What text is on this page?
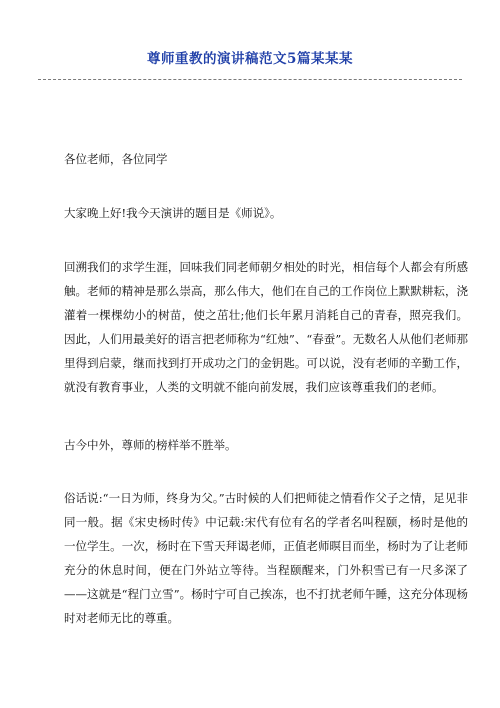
尊师重教的演讲稿范文5篇某某某

各位老师，各位同学

大家晚上好!我今天演讲的题目是《师说》。

回溯我们的求学生涯，回味我们同老师朝夕相处的时光，相信每个人都会有所感触。老师的精神是那么崇高，那么伟大，他们在自己的工作岗位上默默耕耘，浇灌着一棵棵幼小的树苗，使之茁壮;他们长年累月消耗自己的青春，照亮我们。因此，人们用最美好的语言把老师称为“红烛”、“春蚕”。无数名人从他们老师那里得到启蒙，继而找到打开成功之门的金钥匙。可以说，没有老师的辛勤工作，就没有教育事业，人类的文明就不能向前发展，我们应该尊重我们的老师。

古今中外，尊师的榜样举不胜举。

俗话说:“一日为师，终身为父。”古时候的人们把师徒之情看作父子之情，足见非同一般。据《宋史杨时传》中记载:宋代有位有名的学者名叫程颐，杨时是他的一位学生。一次，杨时在下雪天拜谒老师，正值老师暝目而坐，杨时为了让老师充分的休息时间，便在门外站立等待。当程颐醒来，门外积雪已有一尺多深了——这就是“程门立雪”。杨时宁可自己挨冻，也不打扰老师午睡，这充分体现杨时对老师无比的尊重。
